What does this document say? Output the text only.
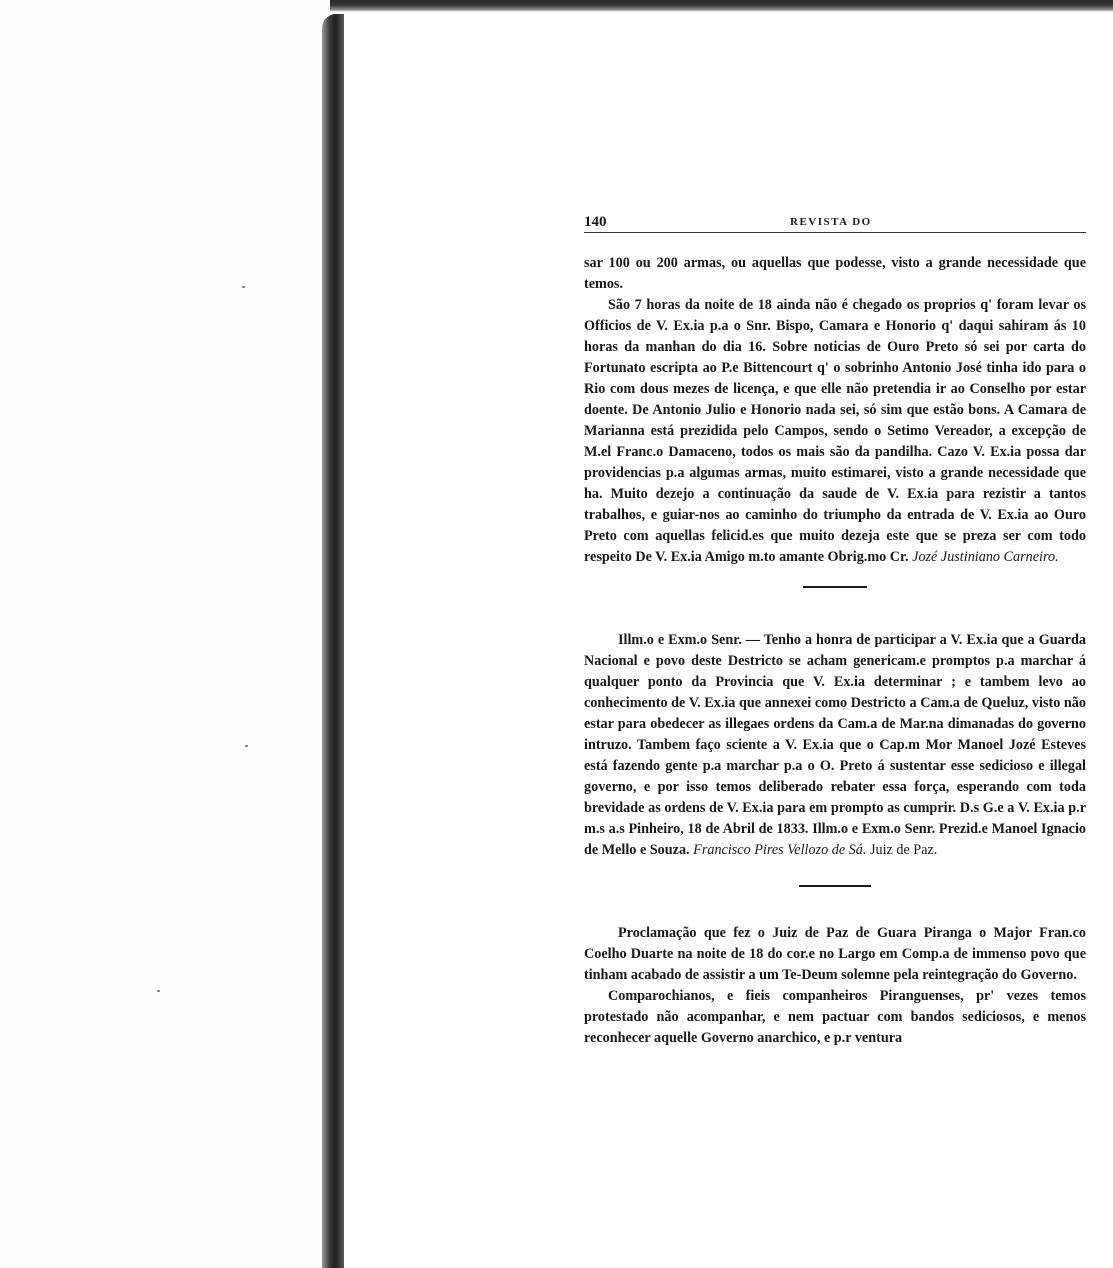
140	REVISTA DO

sar 100 ou 200 armas, ou aquellas que podesse, visto a grande necessidade que temos.

São 7 horas da noite de 18 ainda não é chegado os proprios q' foram levar os Officios de V. Ex.ia p.a o Snr. Bispo, Camara e Honorio q' daqui sahiram ás 10 horas da manhan do dia 16. Sobre noticias de Ouro Preto só sei por carta do Fortunato escripta ao P.e Bittencourt q' o sobrinho Antonio José tinha ido para o Rio com dous mezes de licença, e que elle não pretendia ir ao Conselho por estar doente. De Antonio Julio e Honorio nada sei, só sim que estão bons. A Camara de Marianna está prezidida pelo Campos, sendo o Setimo Vereador, a excepção de M.el Franc.o Damaceno, todos os mais são da pandilha. Cazo V. Ex.ia possa dar providencias p.a algumas armas, muito estimarei, visto a grande necessidade que ha. Muito dezejo a continuação da saude de V. Ex.ia para rezistir a tantos trabalhos, e guiar-nos ao caminho do triumpho da entrada de V. Ex.ia ao Ouro Preto com aquellas felicid.es que muito dezeja este que se preza ser com todo respeito De V. Ex.ia Amigo m.to amante Obrig.mo Cr. Jozé Justiniano Carneiro.

Illm.o e Exm.o Senr. — Tenho a honra de participar a V. Ex.ia que a Guarda Nacional e povo deste Destricto se acham genericam.e promptos p.a marchar á qualquer ponto da Provincia que V. Ex.ia determinar ; e tambem levo ao conhecimento de V. Ex.ia que annexei como Destricto a Cam.a de Queluz, visto não estar para obedecer as illegaes ordens da Cam.a de Mar.na dimanadas do governo intruzo. Tambem faço sciente a V. Ex.ia que o Cap.m Mor Manoel Jozé Esteves está fazendo gente p.a marchar p.a o O. Preto á sustentar esse sedicioso e illegal governo, e por isso temos deliberado rebater essa força, esperando com toda brevidade as ordens de V. Ex.ia para em prompto as cumprir. D.s G.e a V. Ex.ia p.r m.s a.s Pinheiro, 18 de Abril de 1833. Illm.o e Exm.o Senr. Prezid.e Manoel Ignacio de Mello e Souza. Francisco Pires Vellozo de Sá. Juiz de Paz.

Proclamação que fez o Juiz de Paz de Guara Piranga o Major Fran.co Coelho Duarte na noite de 18 do cor.e no Largo em Comp.a de immenso povo que tinham acabado de assistir a um Te-Deum solemne pela reintegração do Governo.

Comparochianos, e fieis companheiros Piranguenses, pr' vezes temos protestado não acompanhar, e nem pactuar com bandos sediciosos, e menos reconhecer aquelle Governo anarchico, e p.r ventura
